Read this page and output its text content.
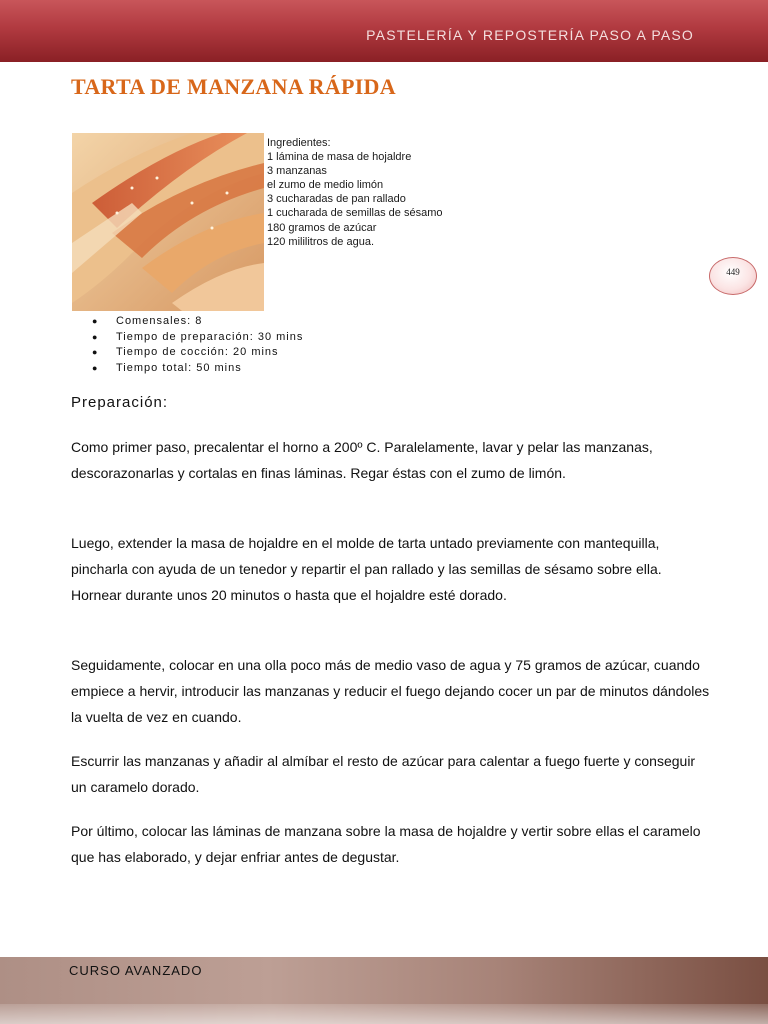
PASTELERÍA Y REPOSTERÍA PASO A PASO
TARTA DE MANZANA RÁPIDA
Ingredientes:
1 lámina de masa de hojaldre
3 manzanas
el zumo de medio limón
3 cucharadas de pan rallado
1 cucharada de semillas de sésamo
180 gramos de azúcar
120 mililitros de agua.
449
● Comensales: 8
● Tiempo de preparación: 30 mins
● Tiempo de cocción: 20 mins
● Tiempo total: 50 mins
Preparación:

Como primer paso, precalentar el horno a 200º C. Paralelamente, lavar y pelar las manzanas, descorazonarlas y cortalas en finas láminas. Regar éstas con el zumo de limón.

Luego, extender la masa de hojaldre en el molde de tarta untado previamente con mantequilla, pincharla con ayuda de un tenedor y repartir el pan rallado y las semillas de sésamo sobre ella. Hornear durante unos 20 minutos o hasta que el hojaldre esté dorado.

Seguidamente, colocar en una olla poco más de medio vaso de agua y 75 gramos de azúcar, cuando empiece a hervir, introducir las manzanas y reducir el fuego dejando cocer un par de minutos dándoles la vuelta de vez en cuando.

Escurrir las manzanas y añadir al almíbar el resto de azúcar para calentar a fuego fuerte y conseguir un caramelo dorado.

Por último, colocar las láminas de manzana sobre la masa de hojaldre y vertir sobre ellas el caramelo que has elaborado, y dejar enfriar antes de degustar.

CURSO AVANZADO
